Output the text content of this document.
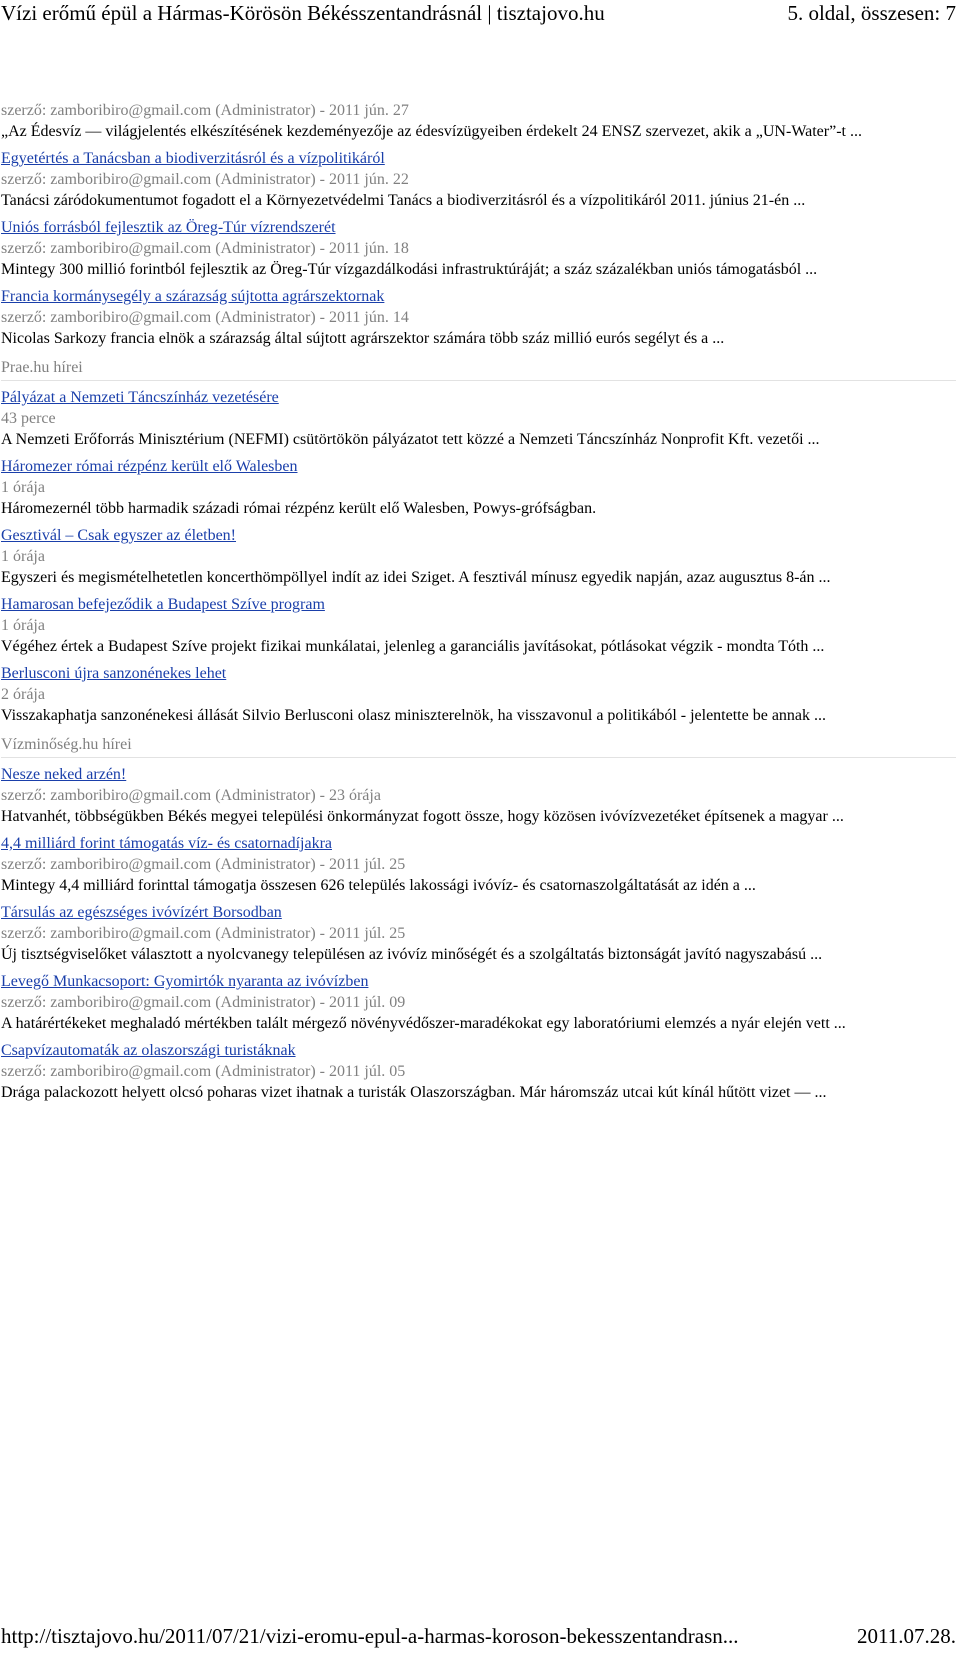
Vízi erőmű épül a Hármas-Körösön Békésszentandrásnál | tisztajovo.hu	5. oldal, összesen: 7
szerző: zamboribiro@gmail.com (Administrator) - 2011 jún. 27
„Az Édesvíz — világjelentés elkészítésének kezdeményezője az édesvízügyeiben érdekelt 24 ENSZ szervezet, akik a „UN-Water”-t ...
Egyetértés a Tanácsban a biodiverzitásról és a vízpolitikáról
szerző: zamboribiro@gmail.com (Administrator) - 2011 jún. 22
Tanácsi záródokumentumot fogadott el a Környezetvédelmi Tanács a biodiverzitásról és a vízpolitikáról 2011. június 21-én ...
Uniós forrásból fejlesztik az Öreg-Túr vízrendszerét
szerző: zamboribiro@gmail.com (Administrator) - 2011 jún. 18
Mintegy 300 millió forintból fejlesztik az Öreg-Túr vízgazdálkodási infrastruktúráját; a száz százalékban uniós támogatásból ...
Francia kormánysegély a szárazság sújtotta agrárszektornak
szerző: zamboribiro@gmail.com (Administrator) - 2011 jún. 14
Nicolas Sarkozy francia elnök a szárazság által sújtott agrárszektor számára több száz millió eurós segélyt és a ...
Prae.hu hírei
Pályázat a Nemzeti Táncszínház vezetésére
43 perce
A Nemzeti Erőforrás Minisztérium (NEFMI) csütörtökön pályázatot tett közzé a Nemzeti Táncszínház Nonprofit Kft. vezetői ...
Háromezer római rézpénz került elő Walesben
1 órája
Háromezernél több harmadik századi római rézpénz került elő Walesben, Powys-grófságban.
Gesztivál – Csak egyszer az életben!
1 órája
Egyszeri és megismételhetetlen koncerthömpöllyel indít az idei Sziget. A fesztivál mínusz egyedik napján, azaz augusztus 8-án ...
Hamarosan befejeződik a Budapest Szíve program
1 órája
Végéhez értek a Budapest Szíve projekt fizikai munkálatai, jelenleg a garanciális javításokat, pótlásokat végzik - mondta Tóth ...
Berlusconi újra sanzonénekes lehet
2 órája
Visszakaphatja sanzonénekesi állását Silvio Berlusconi olasz miniszterelnök, ha visszavonul a politikából - jelentette be annak ...
Vízminőség.hu hírei
Nesze neked arzén!
szerző: zamboribiro@gmail.com (Administrator) - 23 órája
Hatvanhét, többségükben Békés megyei települési önkormányzat fogott össze, hogy közösen ivóvízvezetéket építsenek a magyar ...
4,4 milliárd forint támogatás víz- és csatornadíjakra
szerző: zamboribiro@gmail.com (Administrator) - 2011 júl. 25
Mintegy 4,4 milliárd forinttal támogatja összesen 626 település lakossági ivóvíz- és csatornaszolgáltatását az idén a ...
Társulás az egészséges ivóvízért Borsodban
szerző: zamboribiro@gmail.com (Administrator) - 2011 júl. 25
Új tisztségviselőket választott a nyolcvanegy településen az ivóvíz minőségét és a szolgáltatás biztonságát javító nagyszabású ...
Levegő Munkacsoport: Gyomirtók nyaranta az ivóvízben
szerző: zamboribiro@gmail.com (Administrator) - 2011 júl. 09
A határértékeket meghaladó mértékben talált mérgező növényvédőszer-maradékokat egy laboratóriumi elemzés a nyár elején vett ...
Csapvízautomaták az olaszországi turistáknak
szerző: zamboribiro@gmail.com (Administrator) - 2011 júl. 05
Drága palackozott helyett olcsó poharas vizet ihatnak a turisták Olaszországban. Már háromszáz utcai kút kínál hűtött vizet — ...
http://tisztajovo.hu/2011/07/21/vizi-eromu-epul-a-harmas-koroson-bekesszentandrasn...	2011.07.28.
